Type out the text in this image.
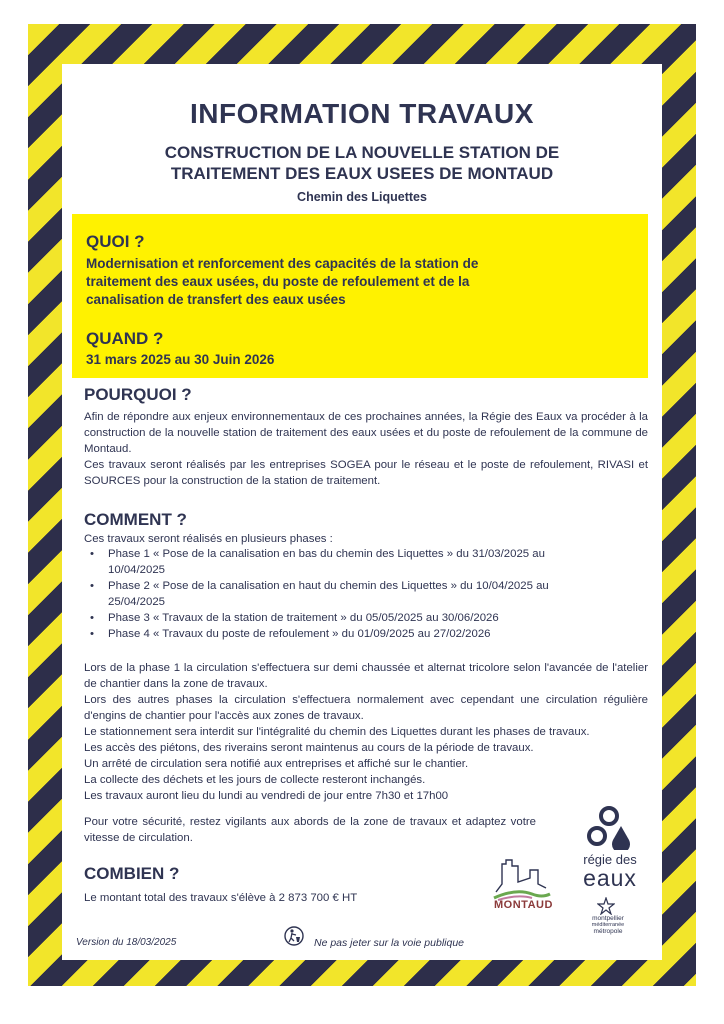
INFORMATION TRAVAUX
CONSTRUCTION DE LA NOUVELLE STATION DE
TRAITEMENT DES EAUX USEES DE MONTAUD
Chemin des Liquettes
QUOI ?
Modernisation et renforcement des capacités de la station de
traitement des eaux usées, du poste de refoulement et de la
canalisation de transfert des eaux usées
QUAND ?
31 mars 2025 au 30 Juin 2026
POURQUOI ?

Afin de répondre aux enjeux environnementaux de ces prochaines années, la Régie des Eaux va procéder à la construction de la nouvelle station de traitement des eaux usées et du poste de refoulement de la commune de Montaud.

Ces travaux seront réalisés par les entreprises SOGEA pour le réseau et le poste de refoulement, RIVASI et SOURCES pour la construction de la station de traitement.

COMMENT ?
Ces travaux seront réalisés en plusieurs phases :
• Phase 1 « Pose de la canalisation en bas du chemin des Liquettes » du 31/03/2025 au 10/04/2025
• Phase 2 « Pose de la canalisation en haut du chemin des Liquettes » du 10/04/2025 au 25/04/2025
• Phase 3 « Travaux de la station de traitement » du 05/05/2025 au 30/06/2026
• Phase 4 « Travaux du poste de refoulement » du 01/09/2025 au 27/02/2026

Lors de la phase 1 la circulation s'effectuera sur demi chaussée et alternat tricolore selon l'avancée de l'atelier de chantier dans la zone de travaux.

Lors des autres phases la circulation s'effectuera normalement avec cependant une circulation régulière d'engins de chantier pour l'accès aux zones de travaux.

Le stationnement sera interdit sur l'intégralité du chemin des Liquettes durant les phases de travaux.

Les accès des piétons, des riverains seront maintenus au cours de la période de travaux.

Un arrêté de circulation sera notifié aux entreprises et affiché sur le chantier.

La collecte des déchets et les jours de collecte resteront inchangés.

Les travaux auront lieu du lundi au vendredi de jour entre 7h30 et 17h00

Pour votre sécurité, restez vigilants aux abords de la zone de travaux et adaptez votre vitesse de circulation.
COMBIEN ?
Le montant total des travaux s'élève à 2 873 700 € HT
MONTAUD
régie des
eaux
montpellier
méditerranée
métropole
Version du 18/03/2025	Ne pas jeter sur la voie publique
